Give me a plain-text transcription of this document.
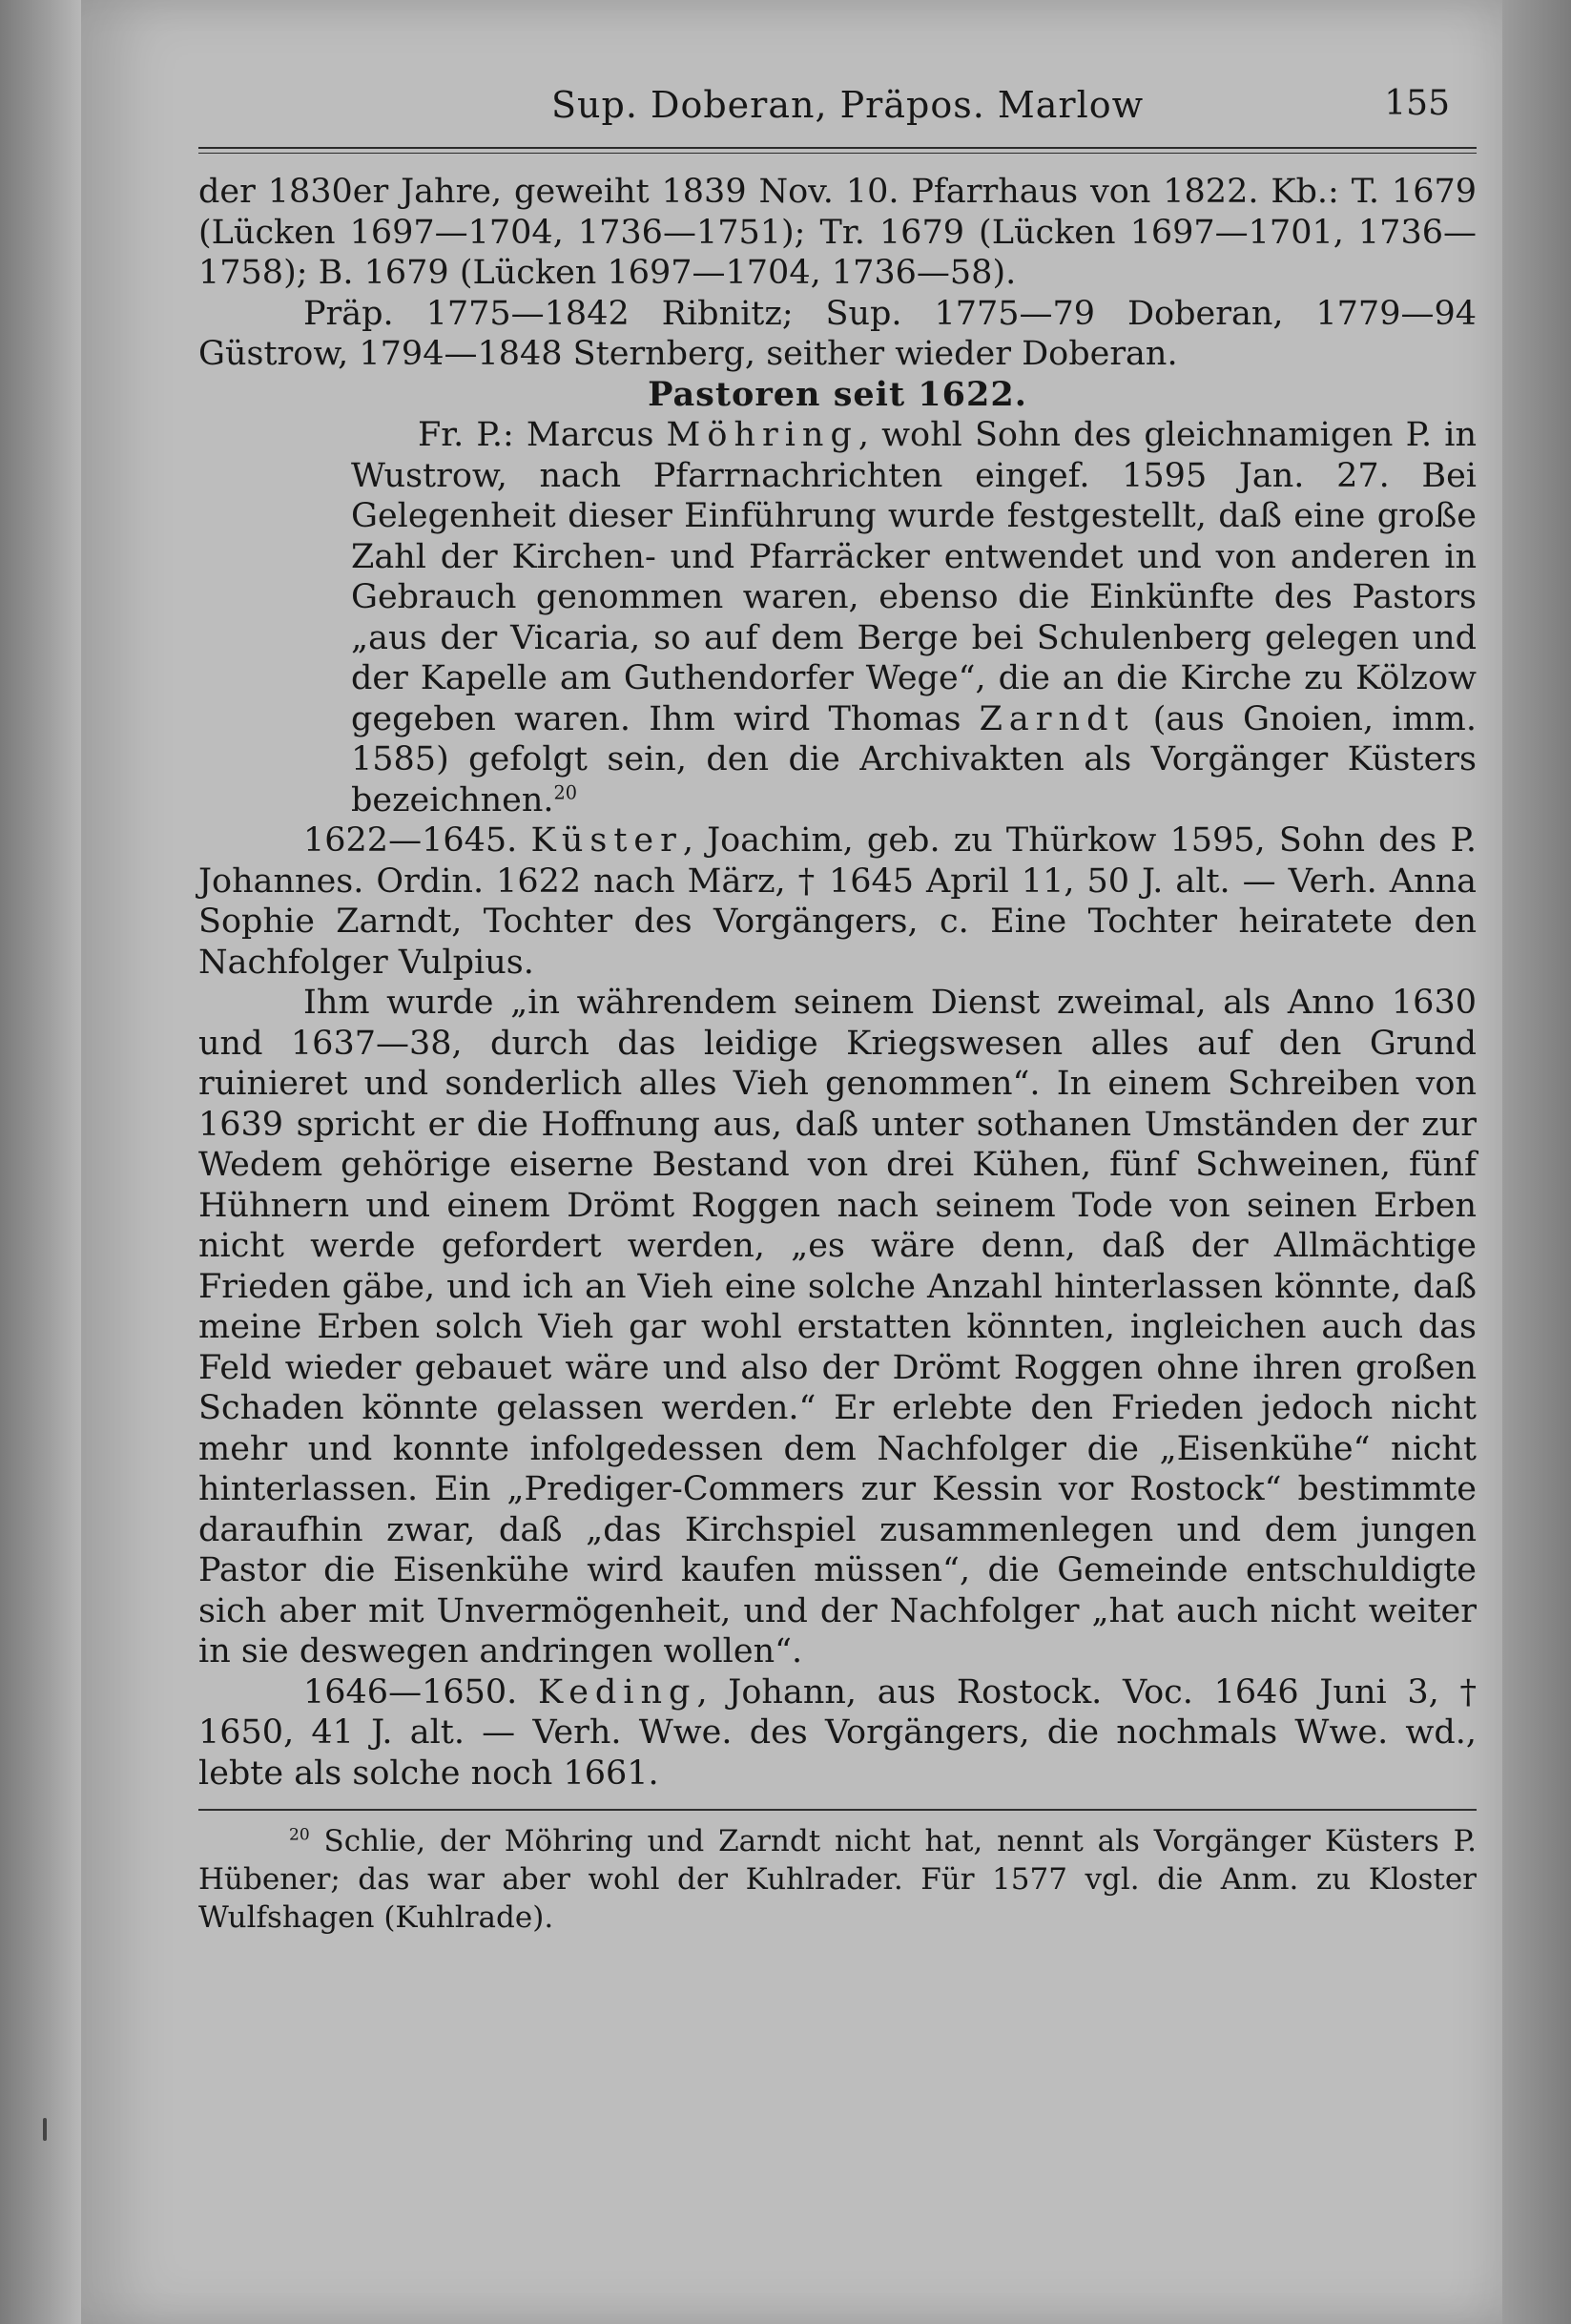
Sup. Doberan, Präpos. Marlow	155

der 1830er Jahre, geweiht 1839 Nov. 10. Pfarrhaus von 1822. Kb.: T. 1679 (Lücken 1697—1704, 1736—1751); Tr. 1679 (Lücken 1697—1701, 1736—1758); B. 1679 (Lücken 1697—1704, 1736—58).

Präp. 1775—1842 Ribnitz; Sup. 1775—79 Doberan, 1779—94 Güstrow, 1794—1848 Sternberg, seither wieder Doberan.

Pastoren seit 1622.

Fr. P.: Marcus Möhring, wohl Sohn des gleichnamigen P. in Wustrow, nach Pfarrnachrichten eingef. 1595 Jan. 27. Bei Gelegenheit dieser Einführung wurde festgestellt, daß eine große Zahl der Kirchen- und Pfarräcker entwendet und von anderen in Gebrauch genommen waren, ebenso die Einkünfte des Pastors „aus der Vicaria, so auf dem Berge bei Schulenberg gelegen und der Kapelle am Guthendorfer Wege“, die an die Kirche zu Kölzow gegeben waren. Ihm wird Thomas Zarndt (aus Gnoien, imm. 1585) gefolgt sein, den die Archivakten als Vorgänger Küsters bezeichnen.$^{20}$

1622—1645. Küster, Joachim, geb. zu Thürkow 1595, Sohn des P. Johannes. Ordin. 1622 nach März, † 1645 April 11, 50 J. alt. — Verh. Anna Sophie Zarndt, Tochter des Vorgängers, c. Eine Tochter heiratete den Nachfolger Vulpius.

Ihm wurde „in währendem seinem Dienst zweimal, als Anno 1630 und 1637—38, durch das leidige Kriegswesen alles auf den Grund ruinieret und sonderlich alles Vieh genommen“. In einem Schreiben von 1639 spricht er die Hoffnung aus, daß unter sothanen Umständen der zur Wedem gehörige eiserne Bestand von drei Kühen, fünf Schweinen, fünf Hühnern und einem Drömt Roggen nach seinem Tode von seinen Erben nicht werde gefordert werden, „es wäre denn, daß der Allmächtige Frieden gäbe, und ich an Vieh eine solche Anzahl hinterlassen könnte, daß meine Erben solch Vieh gar wohl erstatten könnten, ingleichen auch das Feld wieder gebauet wäre und also der Drömt Roggen ohne ihren großen Schaden könnte gelassen werden.“ Er erlebte den Frieden jedoch nicht mehr und konnte infolgedessen dem Nachfolger die „Eisenkühe“ nicht hinterlassen. Ein „Prediger-Commers zur Kessin vor Rostock“ bestimmte daraufhin zwar, daß „das Kirchspiel zusammenlegen und dem jungen Pastor die Eisenkühe wird kaufen müssen“, die Gemeinde entschuldigte sich aber mit Unvermögenheit, und der Nachfolger „hat auch nicht weiter in sie deswegen andringen wollen“.

1646—1650. Keding, Johann, aus Rostock. Voc. 1646 Juni 3, † 1650, 41 J. alt. — Verh. Wwe. des Vorgängers, die nochmals Wwe. wd., lebte als solche noch 1661.

$^{20}$ Schlie, der Möhring und Zarndt nicht hat, nennt als Vorgänger Küsters P. Hübener; das war aber wohl der Kuhlrader. Für 1577 vgl. die Anm. zu Kloster Wulfshagen (Kuhlrade).
